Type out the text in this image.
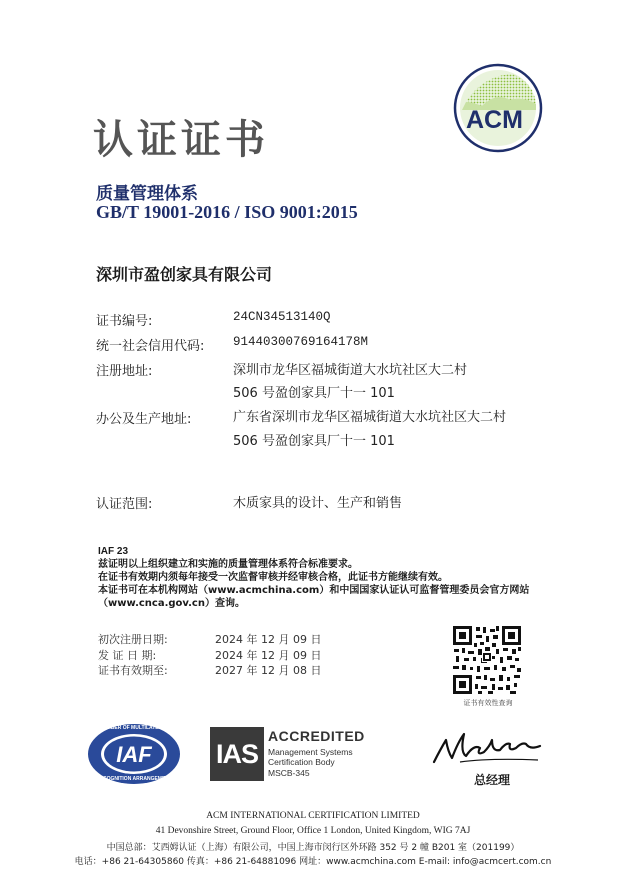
认证证书	ACM
质量管理体系
GB/T 19001-2016 / ISO 9001:2015
深圳市盈创家具有限公司
证书编号:	24CN34513140Q
统一社会信用代码: 91440300769164178M
注册地址:	深圳市龙华区福城街道大水坑社区大二村
506 号盈创家具厂十一 101
办公及生产地址:	广东省深圳市龙华区福城街道大水坑社区大二村
506 号盈创家具厂十一 101
认证范围:	木质家具的设计、生产和销售
IAF 23
兹证明以上组织建立和实施的质量管理体系符合标准要求。
在证书有效期内须每年接受一次监督审核并经审核合格，此证书方能继续有效。
本证书可在本机构网站（www.acmchina.com）和中国国家认证认可监督管理委员会官方网站
（www.cnca.gov.cn）查询。
初次注册日期:	2024 年 12 月 09 日
发 证 日 期:	2024 年 12 月 09 日
证书有效期至:	2027 年 12 月 08 日
证书有效性查询
MEMBER OF MULTILATERAL
IAF
RECOGNITION ARRANGEMENT
IAS
ACCREDITED
Management Systems
Certification Body
MSCB-345	总经理
ACM INTERNATIONAL CERTIFICATION LIMITED
41 Devonshire Street, Ground Floor, Office 1 London, United Kingdom, WIG 7AJ
中国总部：艾西姆认证（上海）有限公司，中国上海市闵行区外环路 352 号 2 幢 B201 室（201199）
电话：+86 21-64305860 传真：+86 21-64881096 网址：www.acmchina.com E-mail: info@acmcert.com.cn
